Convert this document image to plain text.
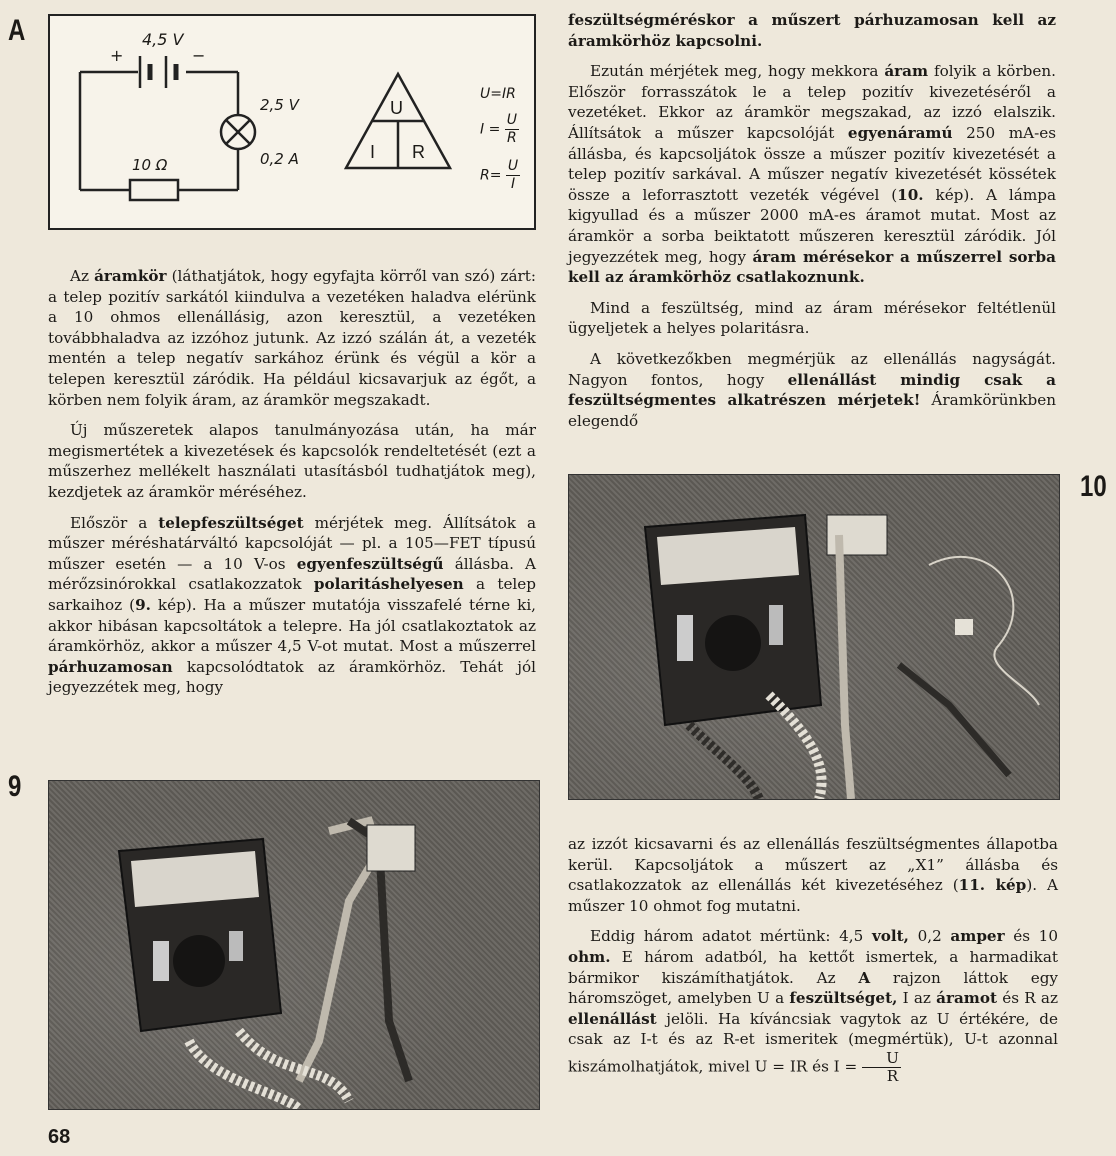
A
9
10
4,5 V
+	−
2,5 V
0,2 A
10 Ω
U
I R
U=IR
$I = \frac{U}{R}$
$R= \frac{U}{I}$

Az áramkör (láthatjátok, hogy egyfajta körről van szó) zárt: a telep pozitív sarkától kiindulva a vezetéken haladva elérünk a 10 ohmos ellenállásig, azon keresztül, a vezetéken továbbhaladva az izzóhoz jutunk. Az izzó szálán át, a vezeték mentén a telep negatív sarkához érünk és végül a kör a telepen keresztül záródik. Ha például kicsavarjuk az égőt, a körben nem folyik áram, az áramkör megszakadt.

Új műszeretek alapos tanulmányozása után, ha már megismertétek a kivezetések és kapcsolók rendeltetését (ezt a műszerhez mellékelt használati utasításból tudhatjátok meg), kezdjetek az áramkör méréséhez.

Először a telepfeszültséget mérjétek meg. Állítsátok a műszer méréshatárváltó kapcsolóját — pl. a 105—FET típusú műszer esetén — a 10 V-os egyenfeszültségű állásba. A mérőzsinórokkal csatlakozzatok polaritáshelyesen a telep sarkaihoz (9. kép). Ha a műszer mutatója visszafelé térne ki, akkor hibásan kapcsoltátok a telepre. Ha jól csatlakoztatok az áramkörhöz, akkor a műszer 4,5 V-ot mutat. Most a műszerrel párhuzamosan kapcsolódtatok az áramkörhöz. Tehát jól jegyezzétek meg, hogy

feszültségméréskor a műszert párhuzamosan kell az áramkörhöz kapcsolni.

Ezután mérjétek meg, hogy mekkora áram folyik a körben. Először forrasszátok le a telep pozitív kivezetéséről a vezetéket. Ekkor az áramkör megszakad, az izzó elalszik. Állítsátok a műszer kapcsolóját egyenáramú 250 mA-es állásba, és kapcsoljátok össze a műszer pozitív kivezetését a telep pozitív sarkával. A műszer negatív kivezetését kössétek össze a leforrasztott vezeték végével (10. kép). A lámpa kigyullad és a műszer 2000 mA-es áramot mutat. Most az áramkör a sorba beiktatott műszeren keresztül záródik. Jól jegyezzétek meg, hogy áram mérésekor a műszerrel sorba kell az áramkörhöz csatlakoznunk.

Mind a feszültség, mind az áram mérésekor feltétlenül ügyeljetek a helyes polaritásra.

A következőkben megmérjük az ellenállás nagyságát. Nagyon fontos, hogy ellenállást mindig csak a feszültségmentes alkatrészen mérjetek! Áramkörünkben elegendő

az izzót kicsavarni és az ellenállás feszültségmentes állapotba kerül. Kapcsoljátok a műszert az „X1” állásba és csatlakozzatok az ellenállás két kivezetéséhez (11. kép). A műszer 10 ohmot fog mutatni.

Eddig három adatot mértünk: 4,5 volt, 0,2 amper és 10 ohm. E három adatból, ha kettőt ismertek, a harmadikat bármikor kiszámíthatjátok. Az A rajzon láttok egy háromszöget, amelyben U a feszültséget, I az áramot és R az ellenállást jelöli. Ha kíváncsiak vagytok az U értékére, de csak az I-t és az R-et ismeritek (megmértük), U-t azonnal kiszámolhatjátok, mivel U = IR és $I = \frac{U}{R}$

68
